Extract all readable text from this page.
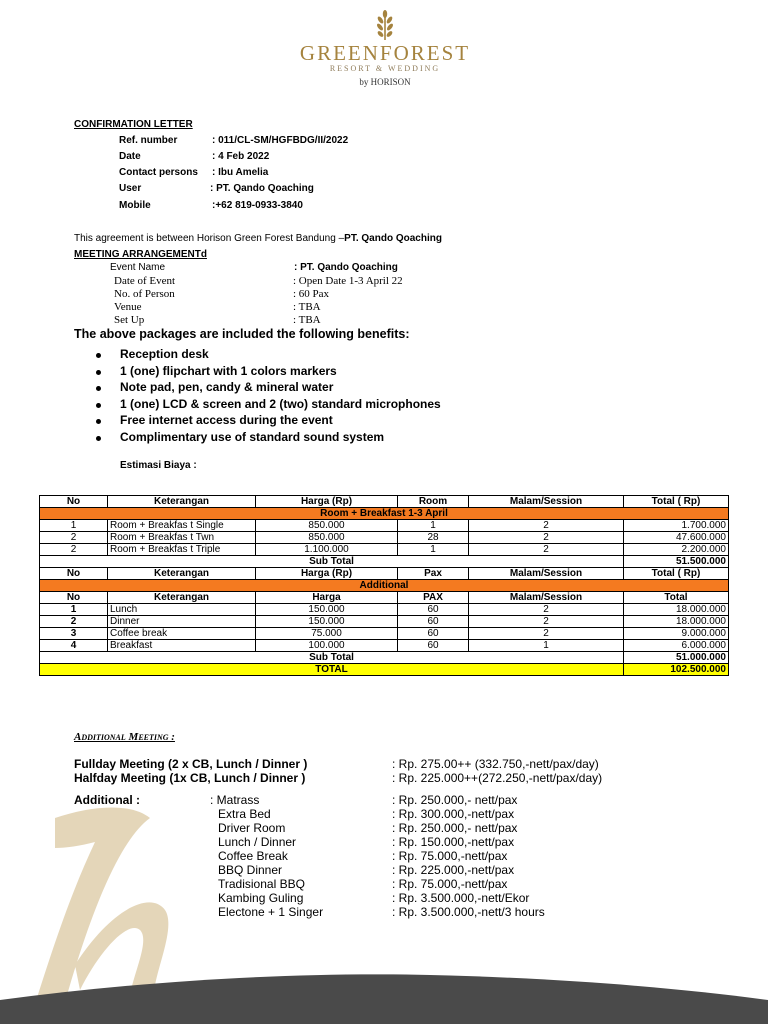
GREENFOREST
RESORT & WEDDING
by HORISON
CONFIRMATION LETTER
Ref. number	: 011/CL-SM/HGFBDG/II/2022
Date	: 4 Feb 2022
Contact persons : Ibu Amelia
User	: PT. Qando Qoaching
Mobile	:+62 819-0933-3840
This agreement is between Horison Green Forest Bandung –PT. Qando Qoaching
MEETING ARRANGEMENTd
Event Name	: PT. Qando Qoaching
Date of Event	: Open Date 1-3 April 22
No. of Person	: 60 Pax
Venue	: TBA
Set Up	: TBA
The above packages are included the following benefits:
Reception desk
1 (one) flipchart with 1 colors markers
Note pad, pen, candy & mineral water
1 (one) LCD & screen and 2 (two) standard microphones
Free internet access during the event
Complimentary use of standard sound system
Estimasi Biaya :
No	Keterangan	Harga (Rp)	Room	Malam/Session	Total ( Rp)
Room + Breakfast 1-3 April					
1	Room + Breakfas t Single	850.000	1	2	1.700.000
2	Room + Breakfas t Twn	850.000	28	2	47.600.000
2	Room + Breakfas t Triple	1.100.000	1	2	2.200.000
Sub Total					51.500.000
No	Keterangan	Harga (Rp)	Pax	Malam/Session	Total ( Rp)
Additional					
No	Keterangan	Harga	PAX	Malam/Session	Total
1	Lunch	150.000	60	2	18.000.000
2	Dinner	150.000	60	2	18.000.000
3	Coffee break	75.000	60	2	9.000.000
4	Breakfast	100.000	60	1	6.000.000
Sub Total					51.000.000
TOTAL					102.500.000
Additional Meeting :
Fullday Meeting (2 x CB, Lunch / Dinner )	: Rp. 275.00++ (332.750,-nett/pax/day)
Halfday Meeting (1x CB, Lunch / Dinner )	: Rp. 225.000++(272.250,-nett/pax/day)
Additional :	: Matrass	: Rp. 250.000,- nett/pax
Extra Bed	: Rp. 300.000,-nett/pax
Driver Room	: Rp. 250.000,- nett/pax
Lunch / Dinner	: Rp. 150.000,-nett/pax
Coffee Break	: Rp. 75.000,-nett/pax
BBQ Dinner	: Rp. 225.000,-nett/pax
Tradisional BBQ	: Rp. 75.000,-nett/pax
Kambing Guling	: Rp. 3.500.000,-nett/Ekor
Electone + 1 Singer	: Rp. 3.500.000,-nett/3 hours
